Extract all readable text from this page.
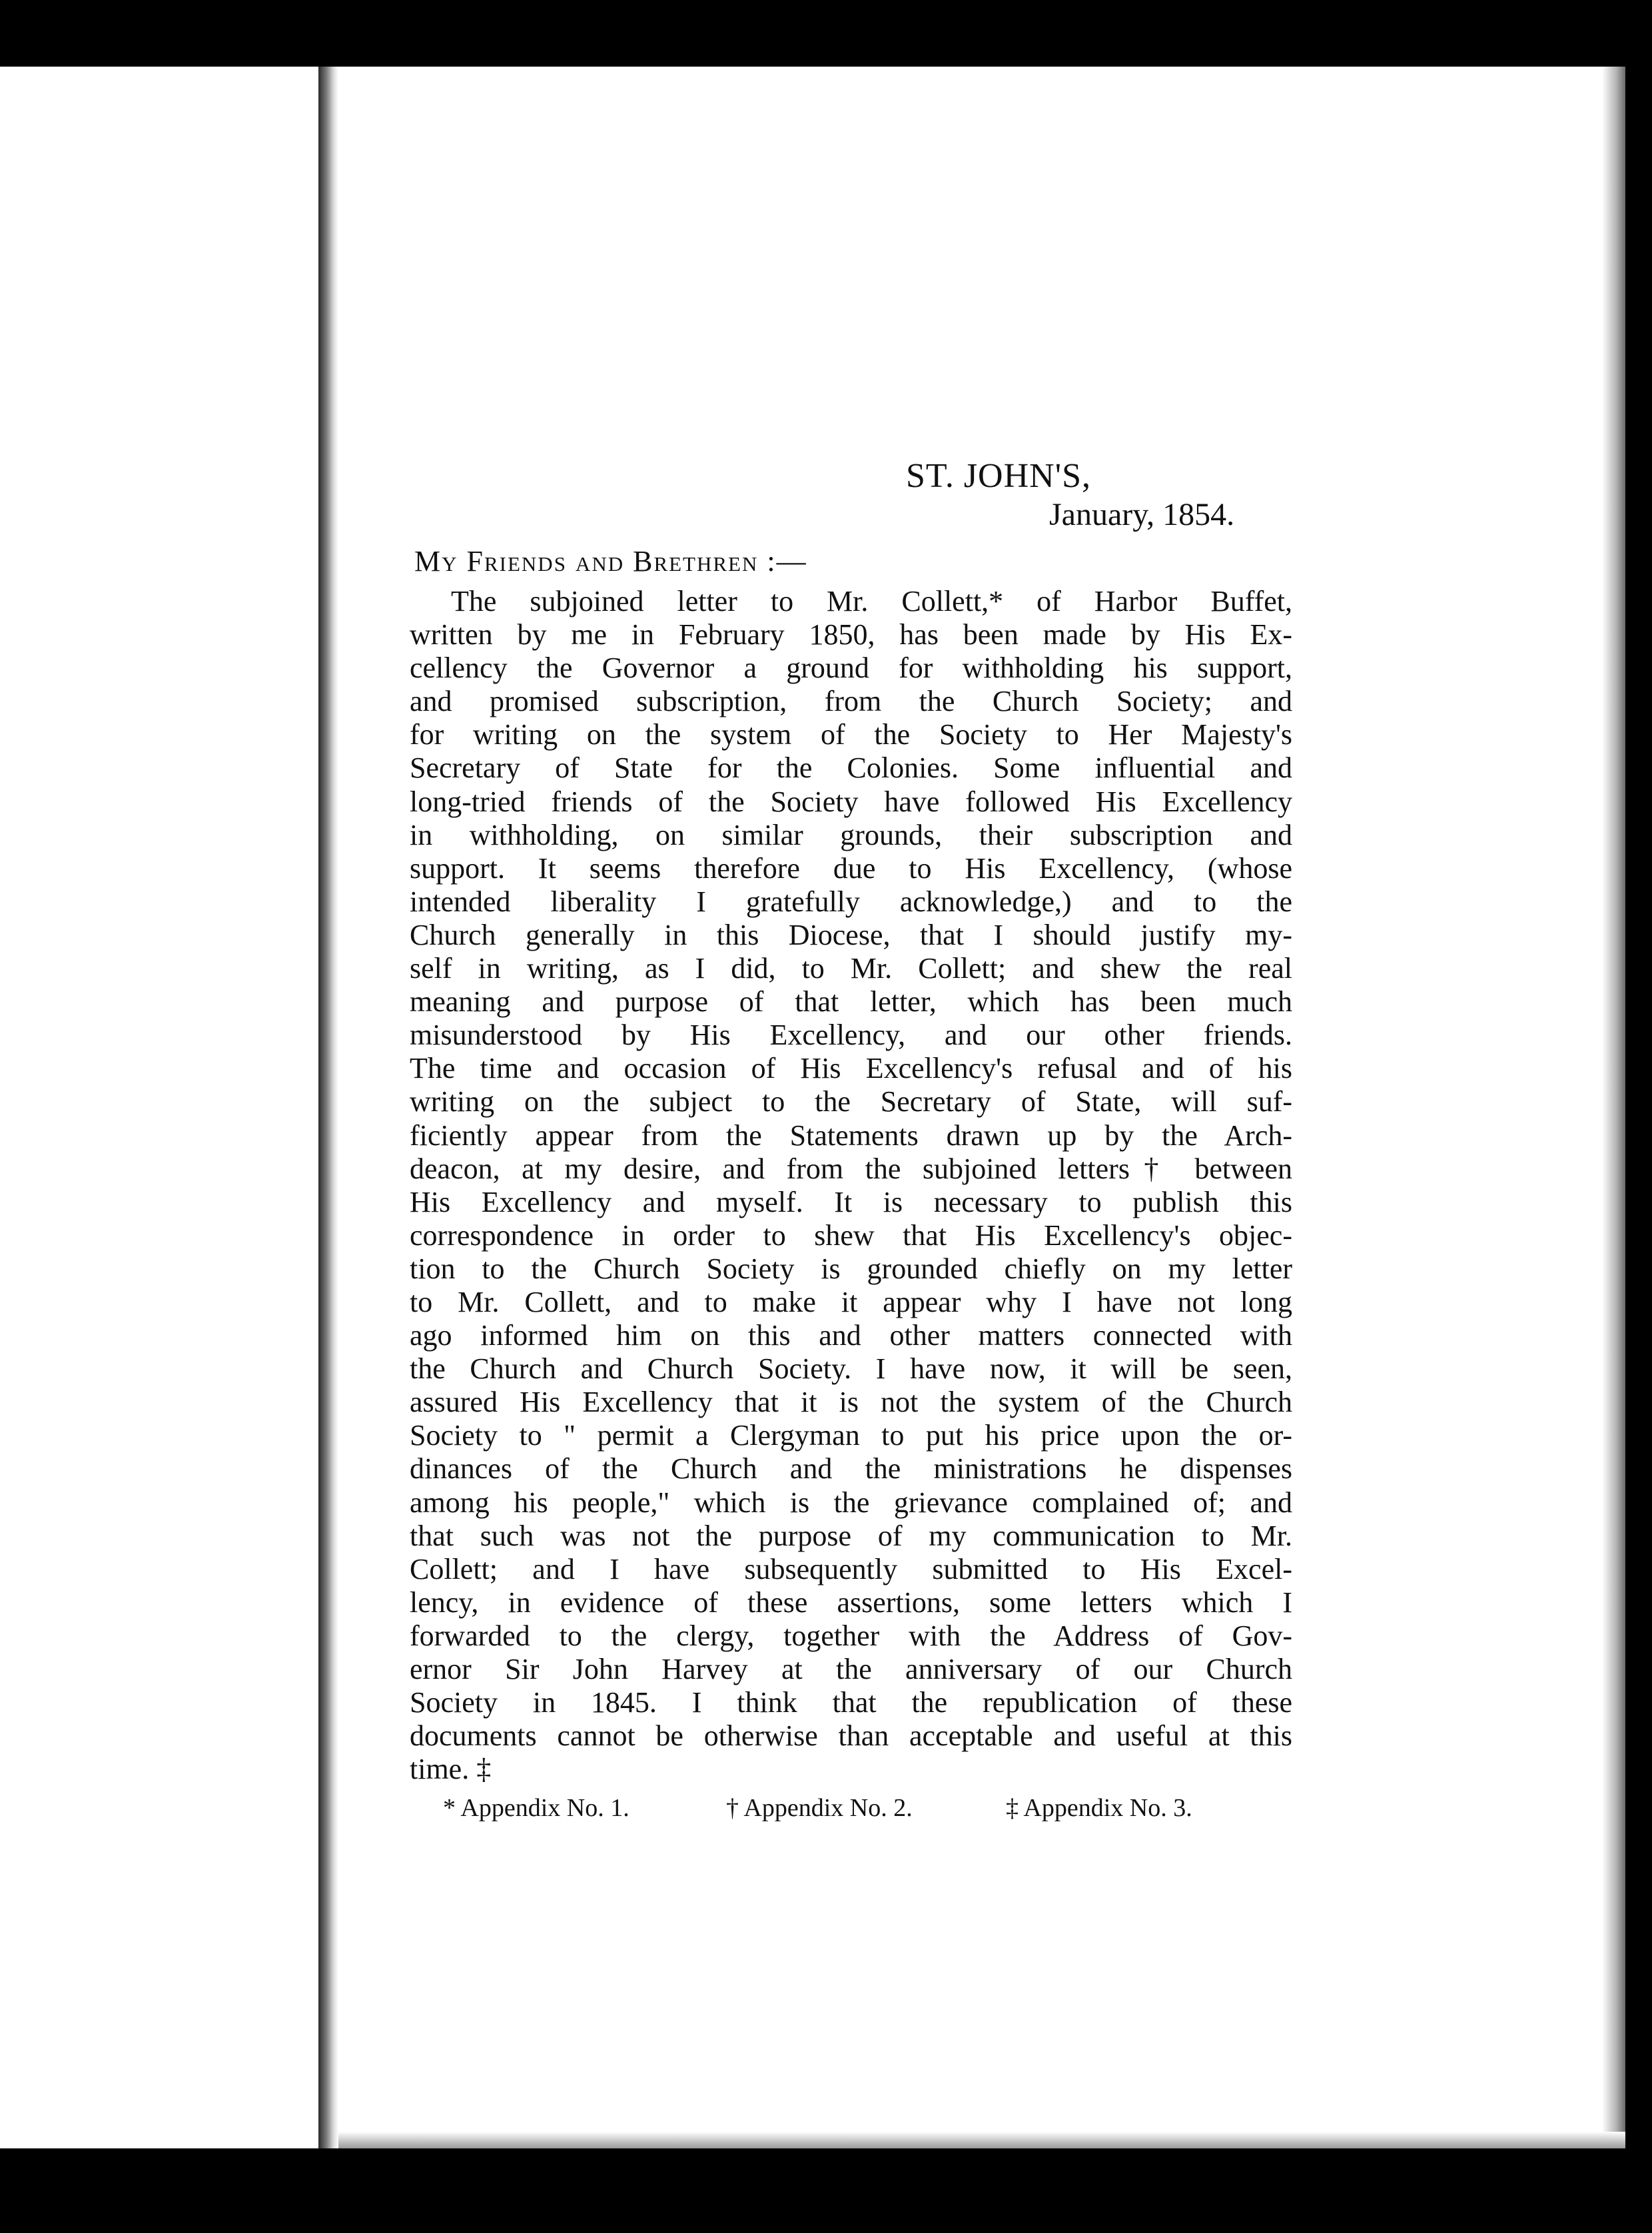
ST. JOHN'S,
January, 1854.
My Friends and Brethren :—
The subjoined letter to Mr. Collett,* of Harbor Buffet,
written by me in February 1850, has been made by His Ex-
cellency the Governor a ground for withholding his support,
and promised subscription, from the Church Society; and
for writing on the system of the Society to Her Majesty's
Secretary of State for the Colonies. Some influential and
long-tried friends of the Society have followed His Excellency
in withholding, on similar grounds, their subscription and
support. It seems therefore due to His Excellency, (whose
intended liberality I gratefully acknowledge,) and to the
Church generally in this Diocese, that I should justify my-
self in writing, as I did, to Mr. Collett; and shew the real
meaning and purpose of that letter, which has been much
misunderstood by His Excellency, and our other friends.
The time and occasion of His Excellency's refusal and of his
writing on the subject to the Secretary of State, will suf-
ficiently appear from the Statements drawn up by the Arch-
deacon, at my desire, and from the subjoined letters† between
His Excellency and myself. It is necessary to publish this
correspondence in order to shew that His Excellency's objec-
tion to the Church Society is grounded chiefly on my letter
to Mr. Collett, and to make it appear why I have not long
ago informed him on this and other matters connected with
the Church and Church Society. I have now, it will be seen,
assured His Excellency that it is not the system of the Church
Society to " permit a Clergyman to put his price upon the or-
dinances of the Church and the ministrations he dispenses
among his people," which is the grievance complained of; and
that such was not the purpose of my communication to Mr.
Collett; and I have subsequently submitted to His Excel-
lency, in evidence of these assertions, some letters which I
forwarded to the clergy, together with the Address of Gov-
ernor Sir John Harvey at the anniversary of our Church
Society in 1845. I think that the republication of these
documents cannot be otherwise than acceptable and useful at this
time. ‡
* Appendix No. 1.	† Appendix No. 2.	‡ Appendix No. 3.
